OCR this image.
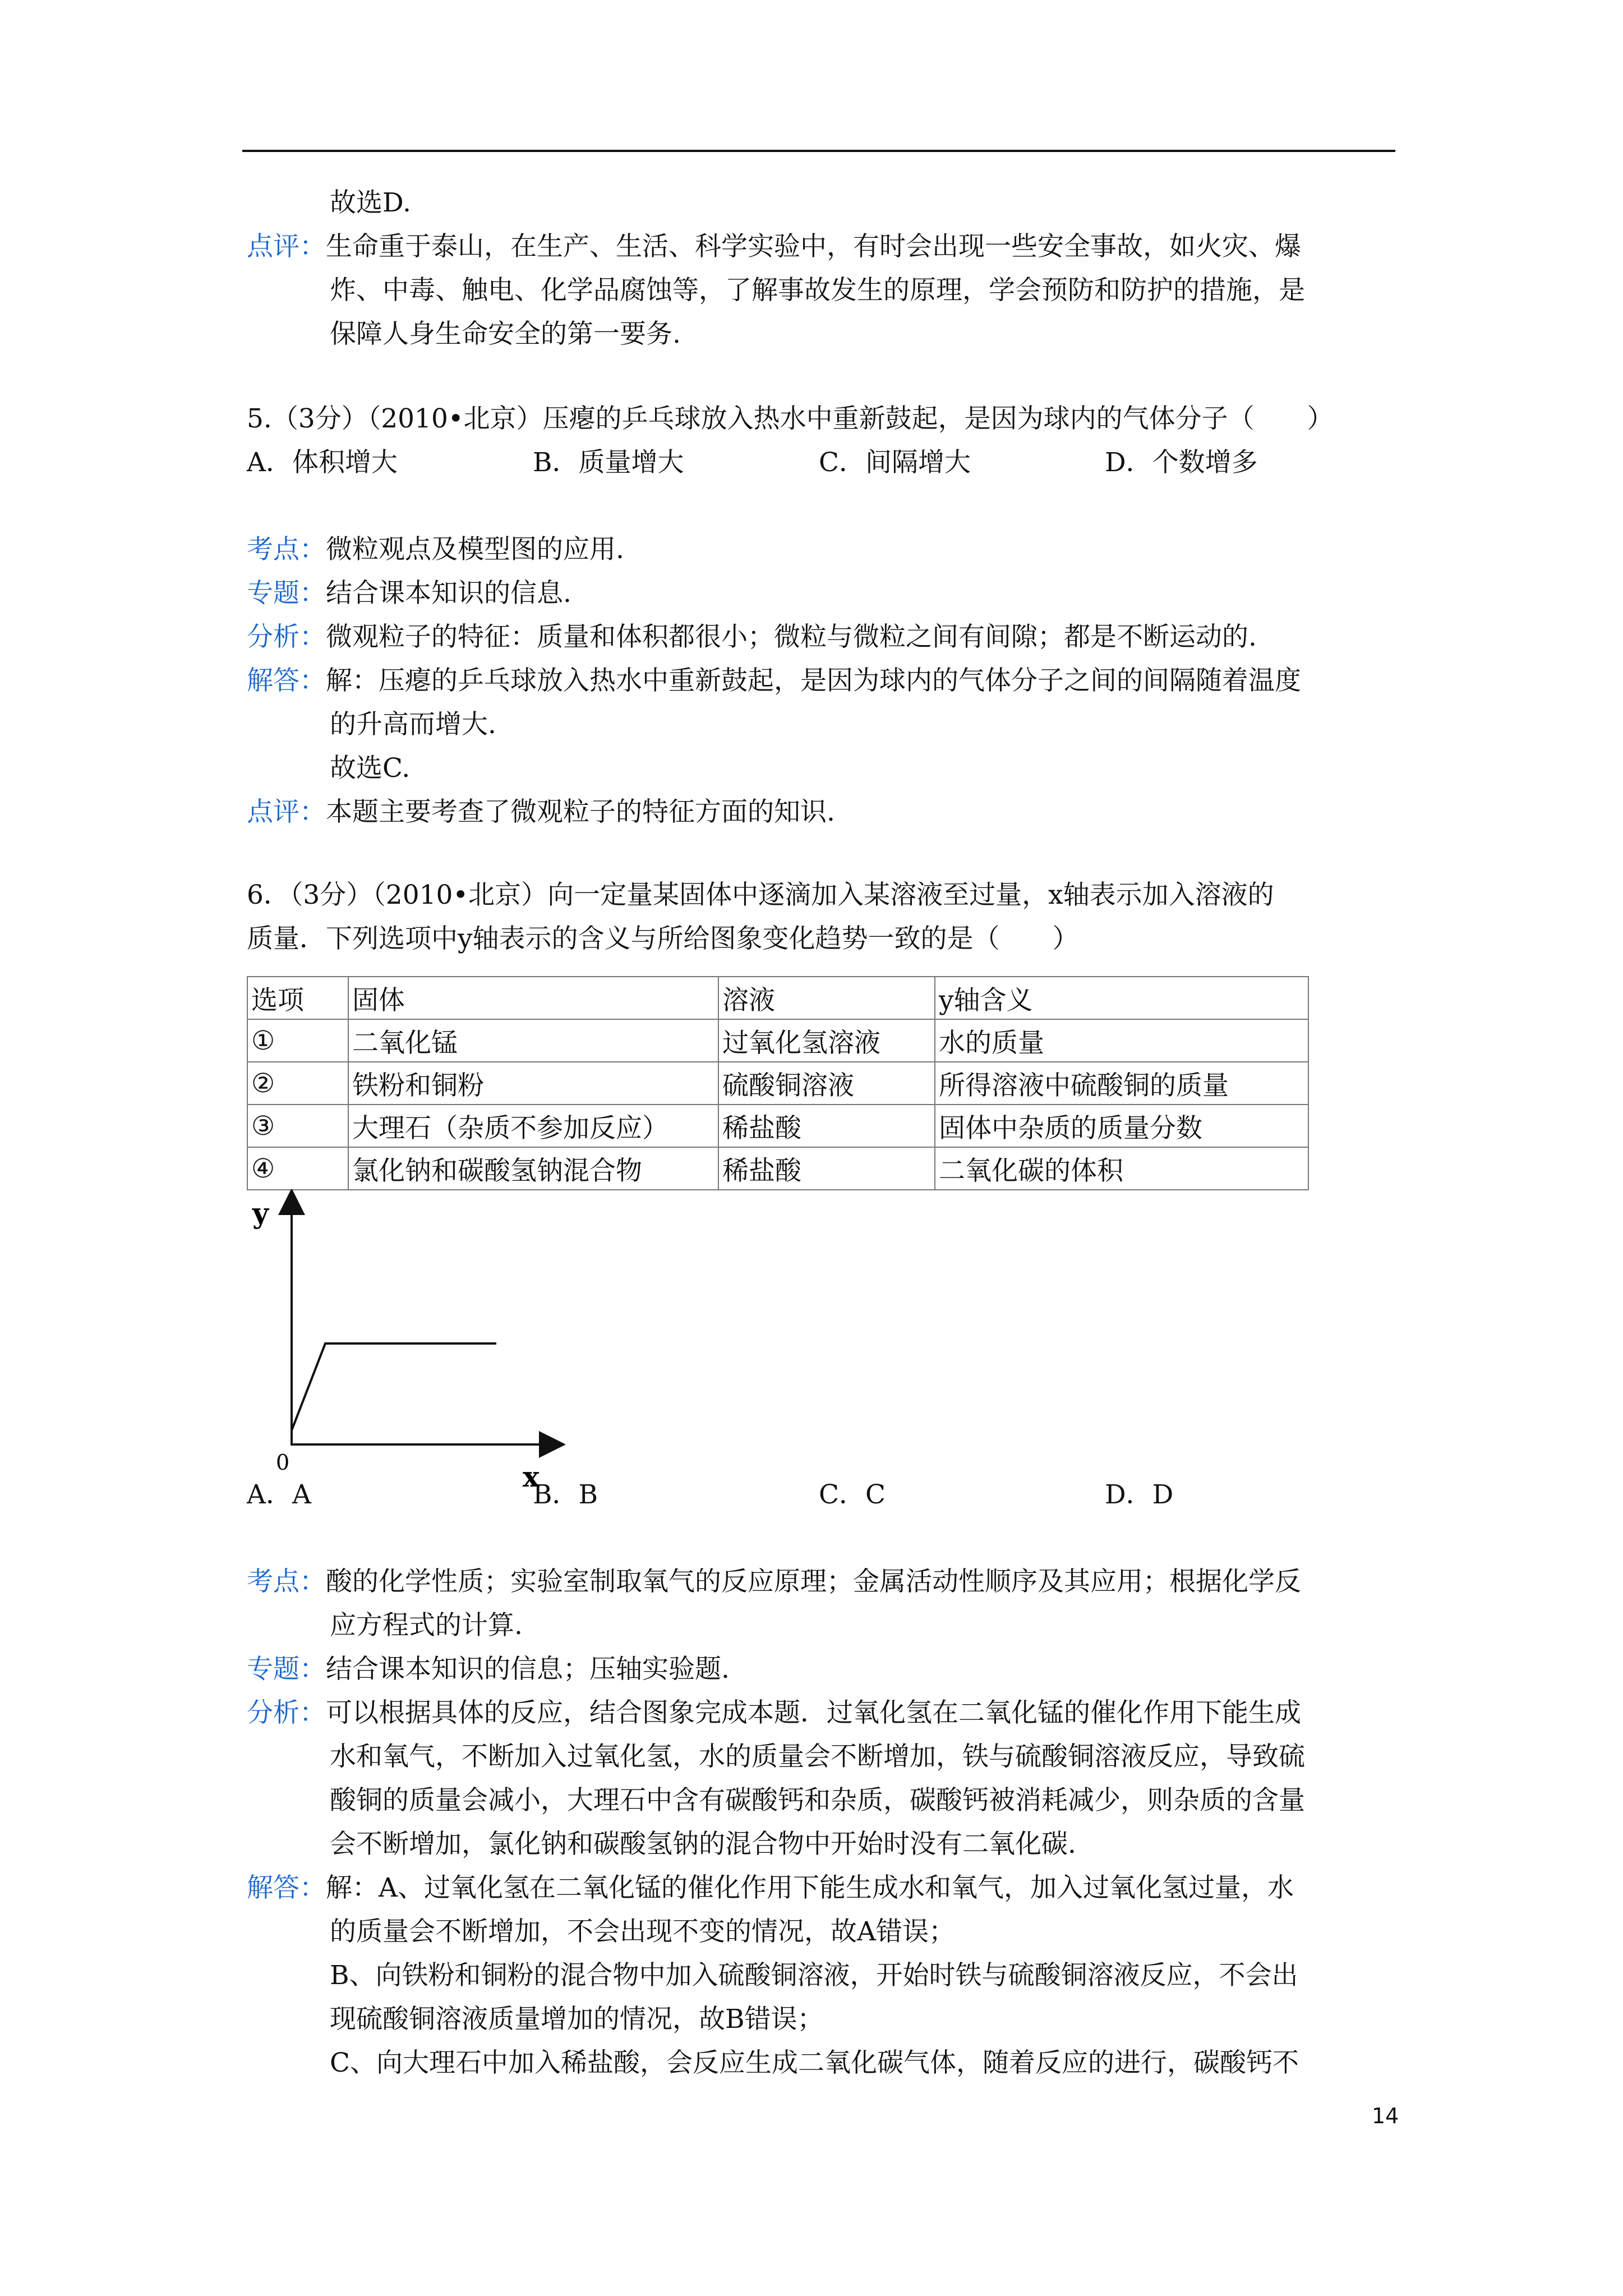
故选D.
点评：生命重于泰山，在生产、生活、科学实验中，有时会出现一些安全事故，如火灾、爆
炸、中毒、触电、化学品腐蚀等，了解事故发生的原理，学会预防和防护的措施，是
保障人身生命安全的第一要务.
5.（3分）（2010•北京）压瘪的乒乓球放入热水中重新鼓起，是因为球内的气体分子（　　）
A．体积增大	B．质量增大	C．间隔增大	D．个数增多
考点：微粒观点及模型图的应用.
专题：结合课本知识的信息.
分析：微观粒子的特征：质量和体积都很小；微粒与微粒之间有间隙；都是不断运动的.
解答：解：压瘪的乒乓球放入热水中重新鼓起，是因为球内的气体分子之间的间隔随着温度
的升高而增大.
故选C.
点评：本题主要考查了微观粒子的特征方面的知识.
6．（3分）（2010•北京）向一定量某固体中逐滴加入某溶液至过量，x轴表示加入溶液的
质量．下列选项中y轴表示的含义与所给图象变化趋势一致的是（　　）
A．A	B．B	C．C	D．D
考点：酸的化学性质；实验室制取氧气的反应原理；金属活动性顺序及其应用；根据化学反
应方程式的计算.
专题：结合课本知识的信息；压轴实验题.
分析：可以根据具体的反应，结合图象完成本题．过氧化氢在二氧化锰的催化作用下能生成
水和氧气，不断加入过氧化氢，水的质量会不断增加，铁与硫酸铜溶液反应，导致硫
酸铜的质量会减小，大理石中含有碳酸钙和杂质，碳酸钙被消耗减少，则杂质的含量
会不断增加，氯化钠和碳酸氢钠的混合物中开始时没有二氧化碳.
解答：解：A、过氧化氢在二氧化锰的催化作用下能生成水和氧气，加入过氧化氢过量，水
的质量会不断增加，不会出现不变的情况，故A错误；
B、向铁粉和铜粉的混合物中加入硫酸铜溶液，开始时铁与硫酸铜溶液反应，不会出
现硫酸铜溶液质量增加的情况，故B错误；
C、向大理石中加入稀盐酸，会反应生成二氧化碳气体，随着反应的进行，碳酸钙不
选项	固体	溶液	y轴含义
①	二氧化锰	过氧化氢溶液	水的质量
②	铁粉和铜粉	硫酸铜溶液	所得溶液中硫酸铜的质量
③	大理石（杂质不参加反应）	稀盐酸	固体中杂质的质量分数
④	氯化钠和碳酸氢钠混合物	稀盐酸	二氧化碳的体积
y
x
0
14
